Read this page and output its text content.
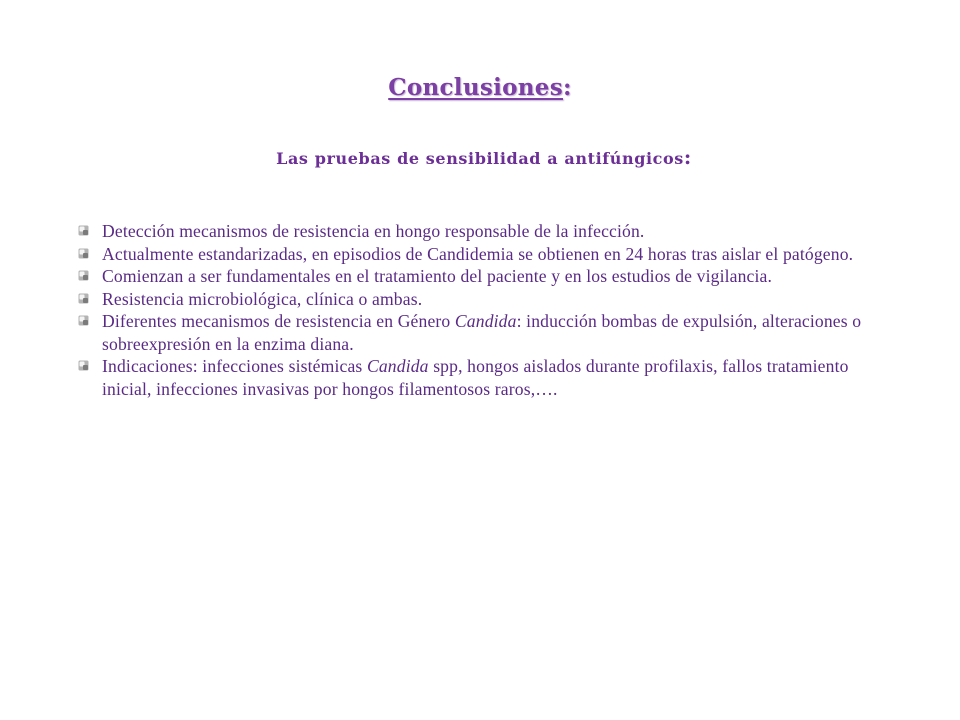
Conclusiones:
Las pruebas de sensibilidad a antifúngicos:
Detección mecanismos de resistencia en hongo responsable de la infección.
Actualmente estandarizadas, en episodios de Candidemia se obtienen en 24 horas tras aislar el patógeno.
Comienzan a ser fundamentales en el tratamiento del paciente y en los estudios de vigilancia.
Resistencia microbiológica, clínica o ambas.
Diferentes mecanismos de resistencia en Género Candida: inducción bombas de expulsión, alteraciones o sobreexpresión en la enzima diana.
Indicaciones: infecciones sistémicas Candida spp, hongos aislados durante profilaxis, fallos tratamiento inicial, infecciones invasivas por hongos filamentosos raros,….
